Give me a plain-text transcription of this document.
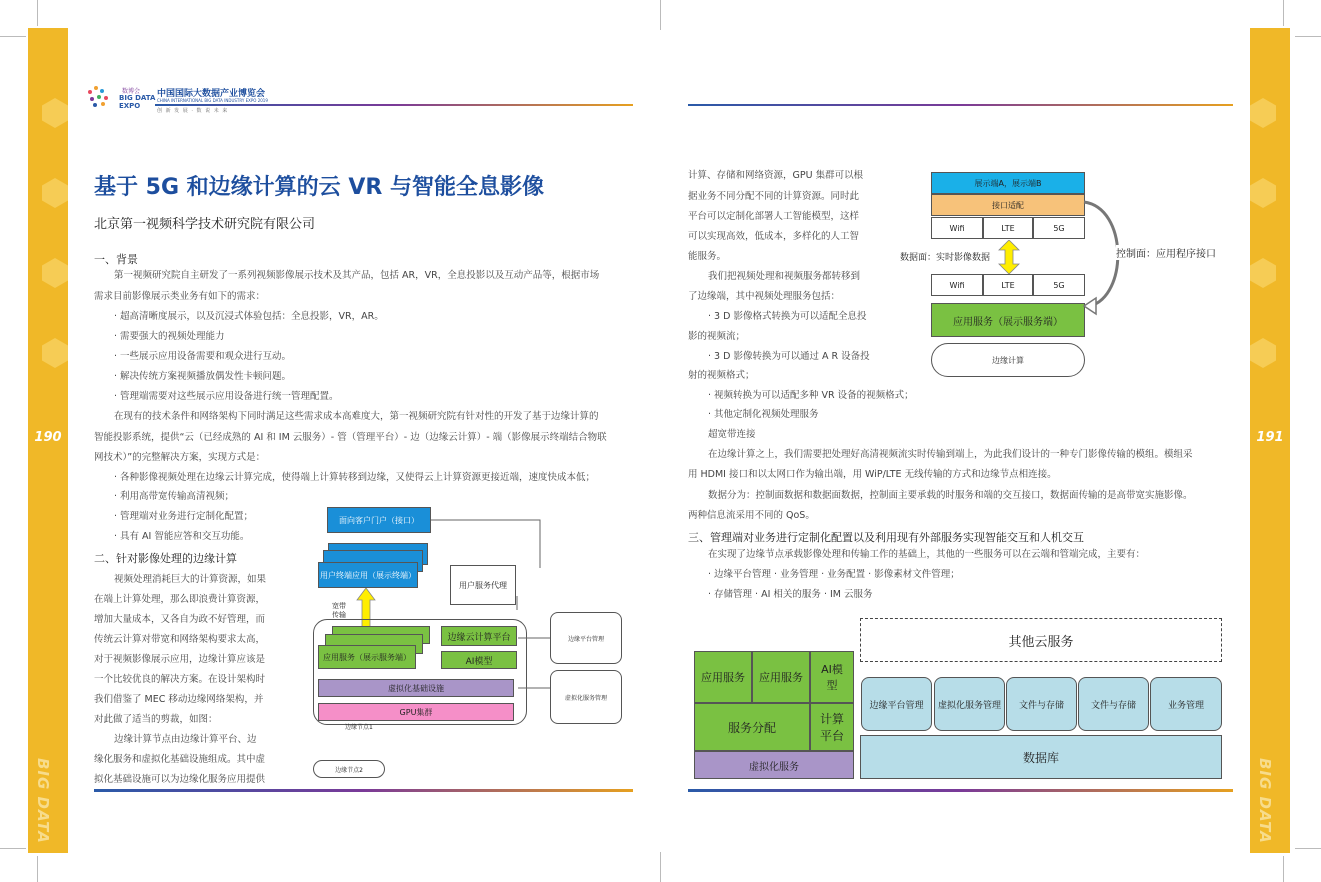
190
BIG DATA
191
BIG DATA
数博会
BIG DATA
EXPO
中国国际大数据产业博览会
CHINA INTERNATIONAL BIG DATA INDUSTRY EXPO 2019
创 新 发 展 · 数 说 未 来
基于 5G 和边缘计算的云 VR 与智能全息影像
北京第一视频科学技术研究院有限公司
一、背景
第一视频研究院自主研发了一系列视频影像展示技术及其产品，包括 AR，VR，全息投影以及互动产品等，根据市场
需求目前影像展示类业务有如下的需求：
· 超高清晰度展示，以及沉浸式体验包括：全息投影，VR，AR。
· 需要强大的视频处理能力
· 一些展示应用设备需要和观众进行互动。
· 解决传统方案视频播放偶发性卡顿问题。
· 管理端需要对这些展示应用设备进行统一管理配置。
在现有的技术条件和网络架构下同时满足这些需求成本高难度大，第一视频研究院有针对性的开发了基于边缘计算的
智能投影系统，提供“云（已经成熟的 AI 和 IM 云服务）- 管（管理平台）- 边（边缘云计算）- 端（影像展示终端结合物联
网技术）”的完整解决方案，实现方式是：
· 各种影像视频处理在边缘云计算完成，使得端上计算转移到边缘，又使得云上计算资源更接近端，速度快成本低；
· 利用高带宽传输高清视频；
· 管理端对业务进行定制化配置；
· 具有 AI 智能应答和交互功能。
二、针对影像处理的边缘计算
视频处理消耗巨大的计算资源，如果
在端上计算处理，那么即浪费计算资源，
增加大量成本，又各自为政不好管理，而
传统云计算对带宽和网络架构要求太高，
对于视频影像展示应用，边缘计算应该是
一个比较优良的解决方案。在设计架构时
我们借鉴了 MEC 移动边缘网络架构，并
对此做了适当的剪裁，如图：
边缘计算节点由边缘计算平台、边
缘化服务和虚拟化基础设施组成。其中虚
拟化基础设施可以为边缘化服务应用提供
面向客户门户（接口）
用户终端应用（展示终端）
用户服务代理
宽带
传输
应用服务（展示服务端）
边缘云计算平台
AI模型
虚拟化基础设施
GPU集群
边缘节点1
边缘节点2
边缘平台管理
虚拟化服务管理
计算、存储和网络资源，GPU 集群可以根
据业务不同分配不同的计算资源。同时此
平台可以定制化部署人工智能模型，这样
可以实现高效，低成本，多样化的人工智
能服务。
我们把视频处理和视频服务都转移到
了边缘端，其中视频处理服务包括：
· 3 D 影像格式转换为可以适配全息投
影的视频流；
· 3 D 影像转换为可以通过 A R 设备投
射的视频格式；
· 视频转换为可以适配多种 VR 设备的视频格式；
· 其他定制化视频处理服务
超宽带连接
在边缘计算之上，我们需要把处理好高清视频流实时传输到端上，为此我们设计的一种专门影像传输的模组。模组采
用 HDMI 接口和以太网口作为输出端，用 WiP/LTE 无线传输的方式和边缘节点相连接。
数据分为：控制面数据和数据面数据，控制面主要承载的时服务和端的交互接口，数据面传输的是高带宽实施影像。
两种信息流采用不同的 QoS。
三、管理端对业务进行定制化配置以及利用现有外部服务实现智能交互和人机交互
在实现了边缘节点承载影像处理和传输工作的基础上，其他的一些服务可以在云端和管端完成，主要有：
· 边缘平台管理 · 业务管理 · 业务配置 · 影像素材文件管理；
· 存储管理 · AI 相关的服务 · IM 云服务
展示端A，展示端B
接口适配
Wifi	LTE	5G
数据面：实时影像数据
Wifi	LTE	5G
应用服务（展示服务端）
边缘计算
控制面：应用程序接口
其他云服务
应用服务	应用服务
AI模型
服务分配
计算平台
虚拟化服务
边缘平台管理	虚拟化服务管理	文件与存储	文件与存储	业务管理
数据库
